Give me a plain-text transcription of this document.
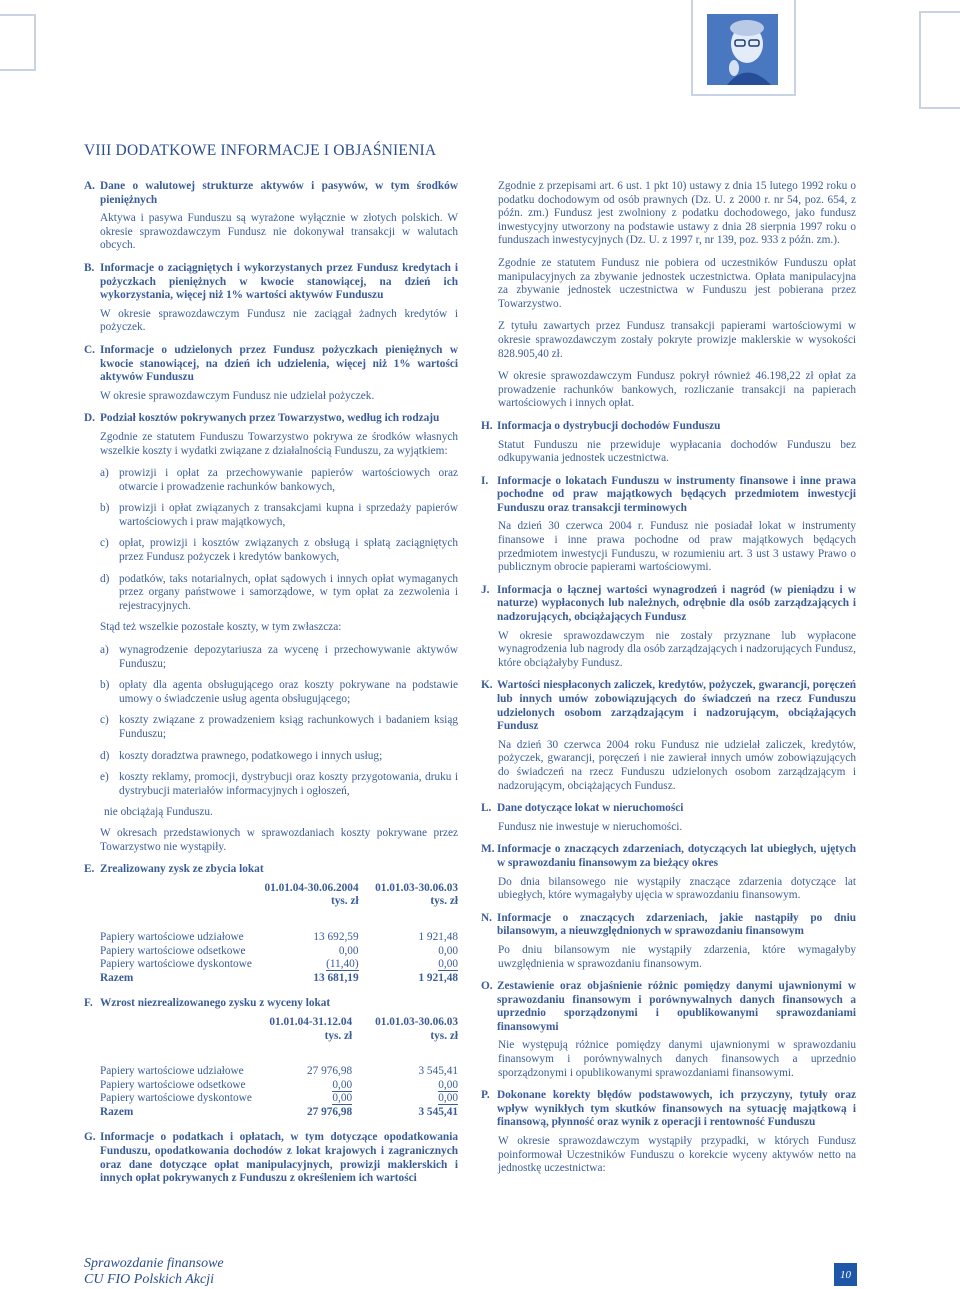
VIII DODATKOWE INFORMACJE I OBJAŚNIENIA
A. Dane o walutowej strukturze aktywów i pasywów, w tym środków pieniężnych
Aktywa i pasywa Funduszu są wyrażone wyłącznie w złotych polskich. W okresie sprawozdawczym Fundusz nie dokonywał transakcji w walutach obcych.
B. Informacje o zaciągniętych i wykorzystanych przez Fundusz kredytach i pożyczkach pieniężnych w kwocie stanowiącej, na dzień ich wykorzystania, więcej niż 1% wartości aktywów Funduszu
W okresie sprawozdawczym Fundusz nie zaciągał żadnych kredytów i pożyczek.
C. Informacje o udzielonych przez Fundusz pożyczkach pieniężnych w kwocie stanowiącej, na dzień ich udzielenia, więcej niż 1% wartości aktywów Funduszu
W okresie sprawozdawczym Fundusz nie udzielał pożyczek.
D. Podział kosztów pokrywanych przez Towarzystwo, według ich rodzaju
Zgodnie ze statutem Funduszu Towarzystwo pokrywa ze środków własnych wszelkie koszty i wydatki związane z działalnością Funduszu, za wyjątkiem:
a) prowizji i opłat za przechowywanie papierów wartościowych oraz otwarcie i prowadzenie rachunków bankowych,
b) prowizji i opłat związanych z transakcjami kupna i sprzedaży papierów wartościowych i praw majątkowych,
c) opłat, prowizji i kosztów związanych z obsługą i spłatą zaciągniętych przez Fundusz pożyczek i kredytów bankowych,
d) podatków, taks notarialnych, opłat sądowych i innych opłat wymaganych przez organy państwowe i samorządowe, w tym opłat za zezwolenia i rejestracyjnych.
Stąd też wszelkie pozostałe koszty, w tym zwłaszcza:
a) wynagrodzenie depozytariusza za wycenę i przechowywanie aktywów Funduszu;
b) opłaty dla agenta obsługującego oraz koszty pokrywane na podstawie umowy o świadczenie usług agenta obsługującego;
c) koszty związane z prowadzeniem ksiąg rachunkowych i badaniem ksiąg Funduszu;
d) koszty doradztwa prawnego, podatkowego i innych usług;
e) koszty reklamy, promocji, dystrybucji oraz koszty przygotowania, druku i dystrybucji materiałów informacyjnych i ogłoszeń,
nie obciążają Funduszu.
W okresach przedstawionych w sprawozdaniach koszty pokrywane przez Towarzystwo nie wystąpiły.
E. Zrealizowany zysk ze zbycia lokat
	01.01.04-30.06.2004	01.01.03-30.06.03
	tys. zł	tys. zł

Papiery wartościowe udziałowe	13 692,59	1 921,48
Papiery wartościowe odsetkowe	0,00	0,00
Papiery wartościowe dyskontowe	(11,40)	0,00
Razem	13 681,19	1 921,48
F. Wzrost niezrealizowanego zysku z wyceny lokat
	01.01.04-31.12.04	01.01.03-30.06.03
	tys. zł	tys. zł

Papiery wartościowe udziałowe	27 976,98	3 545,41
Papiery wartościowe odsetkowe	0,00	0,00
Papiery wartościowe dyskontowe	0,00	0,00
Razem	27 976,98	3 545,41
G. Informacje o podatkach i opłatach, w tym dotyczące opodatkowania Funduszu, opodatkowania dochodów z lokat krajowych i zagranicznych oraz dane dotyczące opłat manipulacyjnych, prowizji maklerskich i innych opłat pokrywanych z Funduszu z określeniem ich wartości
Zgodnie z przepisami art. 6 ust. 1 pkt 10) ustawy z dnia 15 lutego 1992 roku o podatku dochodowym od osób prawnych (Dz. U. z 2000 r. nr 54, poz. 654, z późn. zm.) Fundusz jest zwolniony z podatku dochodowego, jako fundusz inwestycyjny utworzony na podstawie ustawy z dnia 28 sierpnia 1997 roku o funduszach inwestycyjnych (Dz. U. z 1997 r, nr 139, poz. 933 z późn. zm.).
Zgodnie ze statutem Fundusz nie pobiera od uczestników Funduszu opłat manipulacyjnych za zbywanie jednostek uczestnictwa. Opłata manipulacyjna za zbywanie jednostek uczestnictwa w Funduszu jest pobierana przez Towarzystwo.
Z tytułu zawartych przez Fundusz transakcji papierami wartościowymi w okresie sprawozdawczym zostały pokryte prowizje maklerskie w wysokości 828.905,40 zł.
W okresie sprawozdawczym Fundusz pokrył również 46.198,22 zł opłat za prowadzenie rachunków bankowych, rozliczanie transakcji na papierach wartościowych i innych opłat.
H. Informacja o dystrybucji dochodów Funduszu
Statut Funduszu nie przewiduje wypłacania dochodów Funduszu bez odkupywania jednostek uczestnictwa.
I. Informacje o lokatach Funduszu w instrumenty finansowe i inne prawa pochodne od praw majątkowych będących przedmiotem inwestycji Funduszu oraz transakcji terminowych
Na dzień 30 czerwca 2004 r. Fundusz nie posiadał lokat w instrumenty finansowe i inne prawa pochodne od praw majątkowych będących przedmiotem inwestycji Funduszu, w rozumieniu art. 3 ust 3 ustawy Prawo o publicznym obrocie papierami wartościowymi.
J. Informacja o łącznej wartości wynagrodzeń i nagród (w pieniądzu i w naturze) wypłaconych lub należnych, odrębnie dla osób zarządzających i nadzorujących, obciążających Fundusz
W okresie sprawozdawczym nie zostały przyznane lub wypłacone wynagrodzenia lub nagrody dla osób zarządzających i nadzorujących Fundusz, które obciążałyby Fundusz.
K. Wartości niespłaconych zaliczek, kredytów, pożyczek, gwarancji, poręczeń lub innych umów zobowiązujących do świadczeń na rzecz Funduszu udzielonych osobom zarządzającym i nadzorującym, obciążających Fundusz
Na dzień 30 czerwca 2004 roku Fundusz nie udzielał zaliczek, kredytów, pożyczek, gwarancji, poręczeń i nie zawierał innych umów zobowiązujących do świadczeń na rzecz Funduszu udzielonych osobom zarządzającym i nadzorującym, obciążających Fundusz.
L. Dane dotyczące lokat w nieruchomości
Fundusz nie inwestuje w nieruchomości.
M. Informacje o znaczących zdarzeniach, dotyczących lat ubiegłych, ujętych w sprawozdaniu finansowym za bieżący okres
Do dnia bilansowego nie wystąpiły znaczące zdarzenia dotyczące lat ubiegłych, które wymagałyby ujęcia w sprawozdaniu finansowym.
N. Informacje o znaczących zdarzeniach, jakie nastąpiły po dniu bilansowym, a nieuwzględnionych w sprawozdaniu finansowym
Po dniu bilansowym nie wystąpiły zdarzenia, które wymagałyby uwzględnienia w sprawozdaniu finansowym.
O. Zestawienie oraz objaśnienie różnic pomiędzy danymi ujawnionymi w sprawozdaniu finansowym i porównywalnych danych finansowych a uprzednio sporządzonymi i opublikowanymi sprawozdaniami finansowymi
Nie występują różnice pomiędzy danymi ujawnionymi w sprawozdaniu finansowym i porównywalnych danych finansowych a uprzednio sporządzonymi i opublikowanymi sprawozdaniami finansowymi.
P. Dokonane korekty błędów podstawowych, ich przyczyny, tytuły oraz wpływ wynikłych tym skutków finansowych na sytuację majątkową i finansową, płynność oraz wynik z operacji i rentowność Funduszu
W okresie sprawozdawczym wystąpiły przypadki, w których Fundusz poinformował Uczestników Funduszu o korekcie wyceny aktywów netto na jednostkę uczestnictwa:
Sprawozdanie finansowe
CU FIO Polskich Akcji	10
